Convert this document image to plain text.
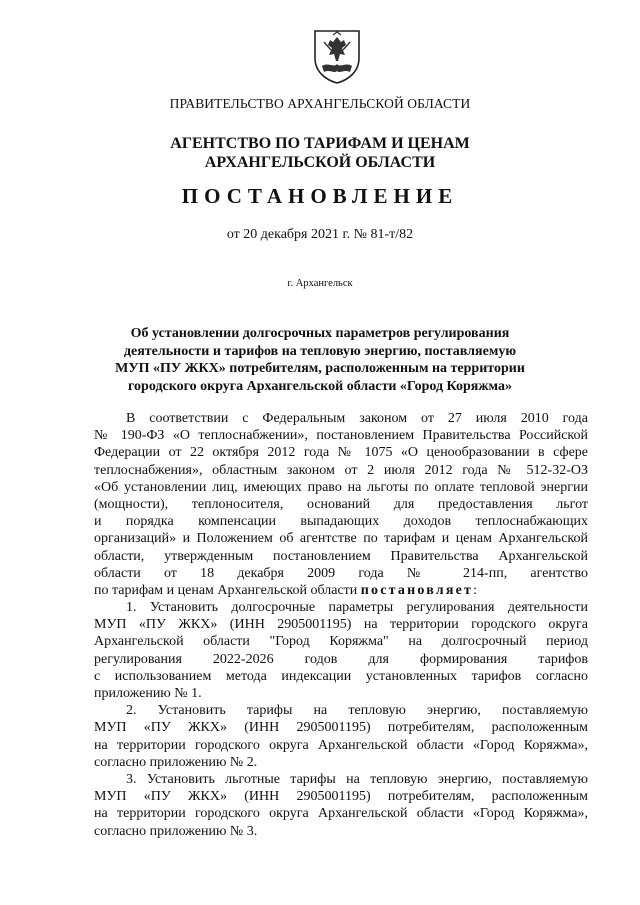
ПРАВИТЕЛЬСТВО АРХАНГЕЛЬСКОЙ ОБЛАСТИ
АГЕНТСТВО ПО ТАРИФАМ И ЦЕНАМ
АРХАНГЕЛЬСКОЙ ОБЛАСТИ
ПОСТАНОВЛЕНИЕ
от 20 декабря 2021 г. № 81-т/82
г. Архангельск
Об установлении долгосрочных параметров регулирования
деятельности и тарифов на тепловую энергию, поставляемую
МУП «ПУ ЖКХ» потребителям, расположенным на территории
городского округа Архангельской области «Город Коряжма»
В соответствии с Федеральным законом от 27 июля 2010 года
№ 190-ФЗ «О теплоснабжении», постановлением Правительства Российской
Федерации от 22 октября 2012 года № 1075 «О ценообразовании в сфере
теплоснабжения», областным законом от 2 июля 2012 года № 512-32-ОЗ
«Об установлении лиц, имеющих право на льготы по оплате тепловой энергии
(мощности), теплоносителя, оснований для предоставления льгот
и порядка компенсации выпадающих доходов теплоснабжающих
организаций» и Положением об агентстве по тарифам и ценам Архангельской
области, утвержденным постановлением Правительства Архангельской
области от 18 декабря 2009 года № 214-пп, агентство
по тарифам и ценам Архангельской области постановляет:
1. Установить долгосрочные параметры регулирования деятельности
МУП «ПУ ЖКХ» (ИНН 2905001195) на территории городского округа
Архангельской области "Город Коряжма" на долгосрочный период
регулирования 2022-2026 годов для формирования тарифов
с использованием метода индексации установленных тарифов согласно
приложению № 1.
2. Установить тарифы на тепловую энергию, поставляемую
МУП «ПУ ЖКХ» (ИНН 2905001195) потребителям, расположенным
на территории городского округа Архангельской области «Город Коряжма»,
согласно приложению № 2.
3. Установить льготные тарифы на тепловую энергию, поставляемую
МУП «ПУ ЖКХ» (ИНН 2905001195) потребителям, расположенным
на территории городского округа Архангельской области «Город Коряжма»,
согласно приложению № 3.
